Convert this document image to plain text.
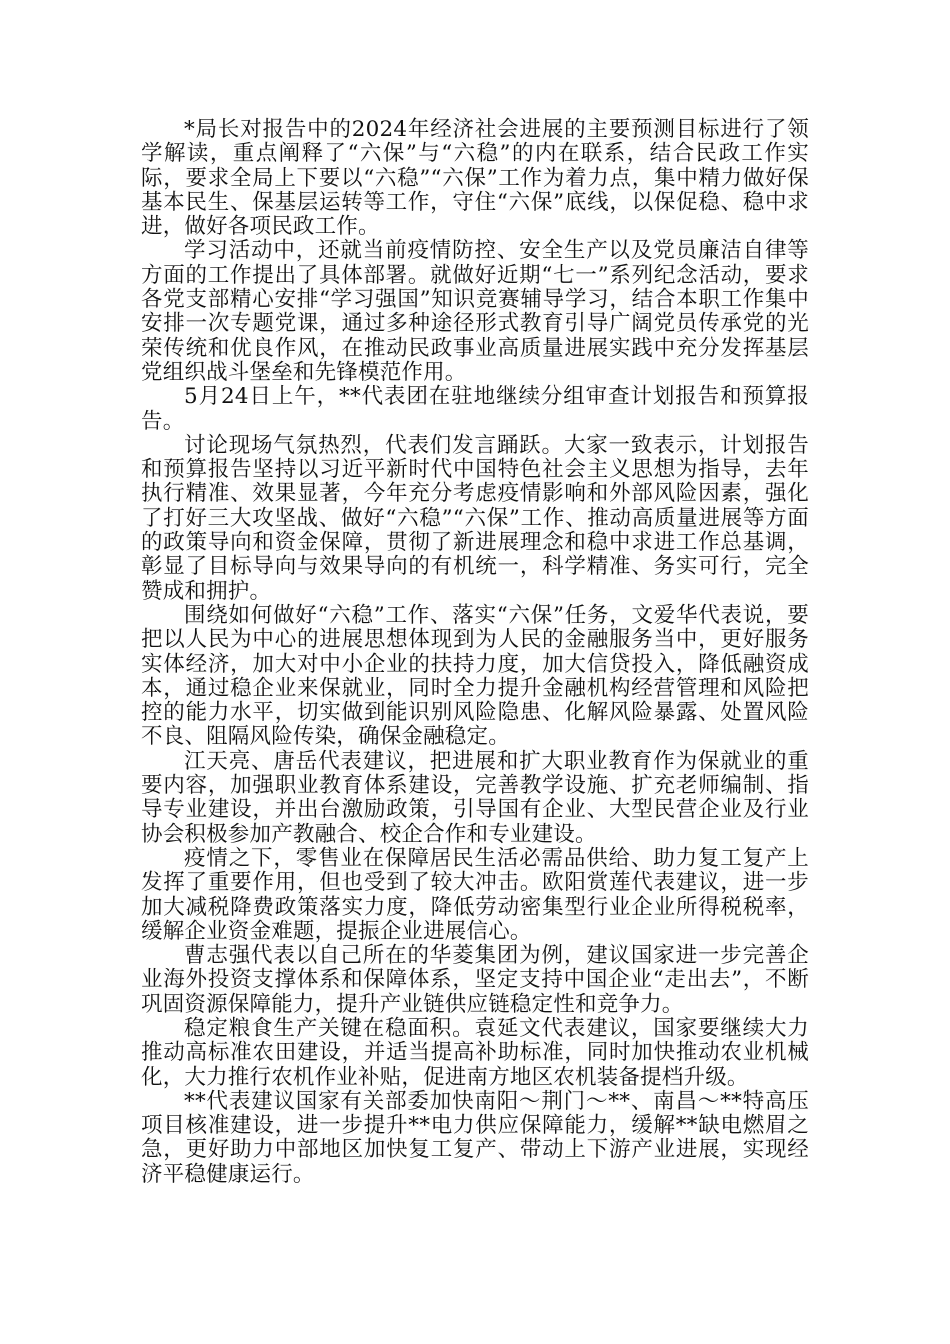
*局长对报告中的2024年经济社会进展的主要预测目标进行了领学解读，重点阐释了“六保”与“六稳”的内在联系，结合民政工作实际，要求全局上下要以“六稳”“六保”工作为着力点，集中精力做好保基本民生、保基层运转等工作，守住“六保”底线，以保促稳、稳中求进，做好各项民政工作。

学习活动中，还就当前疫情防控、安全生产以及党员廉洁自律等方面的工作提出了具体部署。就做好近期“七一”系列纪念活动，要求各党支部精心安排“学习强国”知识竞赛辅导学习，结合本职工作集中安排一次专题党课，通过多种途径形式教育引导广阔党员传承党的光荣传统和优良作风，在推动民政事业高质量进展实践中充分发挥基层党组织战斗堡垒和先锋模范作用。

5月24日上午，**代表团在驻地继续分组审查计划报告和预算报告。

讨论现场气氛热烈，代表们发言踊跃。大家一致表示，计划报告和预算报告坚持以习近平新时代中国特色社会主义思想为指导，去年执行精准、效果显著，今年充分考虑疫情影响和外部风险因素，强化了打好三大攻坚战、做好“六稳”“六保”工作、推动高质量进展等方面的政策导向和资金保障，贯彻了新进展理念和稳中求进工作总基调，彰显了目标导向与效果导向的有机统一，科学精准、务实可行，完全赞成和拥护。

围绕如何做好“六稳”工作、落实“六保”任务，文爱华代表说，要把以人民为中心的进展思想体现到为人民的金融服务当中，更好服务实体经济，加大对中小企业的扶持力度，加大信贷投入，降低融资成本，通过稳企业来保就业，同时全力提升金融机构经营管理和风险把控的能力水平，切实做到能识别风险隐患、化解风险暴露、处置风险不良、阻隔风险传染，确保金融稳定。

江天亮、唐岳代表建议，把进展和扩大职业教育作为保就业的重要内容，加强职业教育体系建设，完善教学设施、扩充老师编制、指导专业建设，并出台激励政策，引导国有企业、大型民营企业及行业协会积极参加产教融合、校企合作和专业建设。

疫情之下，零售业在保障居民生活必需品供给、助力复工复产上发挥了重要作用，但也受到了较大冲击。欧阳赏莲代表建议，进一步加大减税降费政策落实力度，降低劳动密集型行业企业所得税税率，缓解企业资金难题，提振企业进展信心。

曹志强代表以自己所在的华菱集团为例，建议国家进一步完善企业海外投资支撑体系和保障体系，坚定支持中国企业“走出去”，不断巩固资源保障能力，提升产业链供应链稳定性和竞争力。

稳定粮食生产关键在稳面积。袁延文代表建议，国家要继续大力推动高标准农田建设，并适当提高补助标准，同时加快推动农业机械化，大力推行农机作业补贴，促进南方地区农机装备提档升级。

**代表建议国家有关部委加快南阳～荆门～**、南昌～**特高压项目核准建设，进一步提升**电力供应保障能力，缓解**缺电燃眉之急，更好助力中部地区加快复工复产、带动上下游产业进展，实现经济平稳健康运行。
